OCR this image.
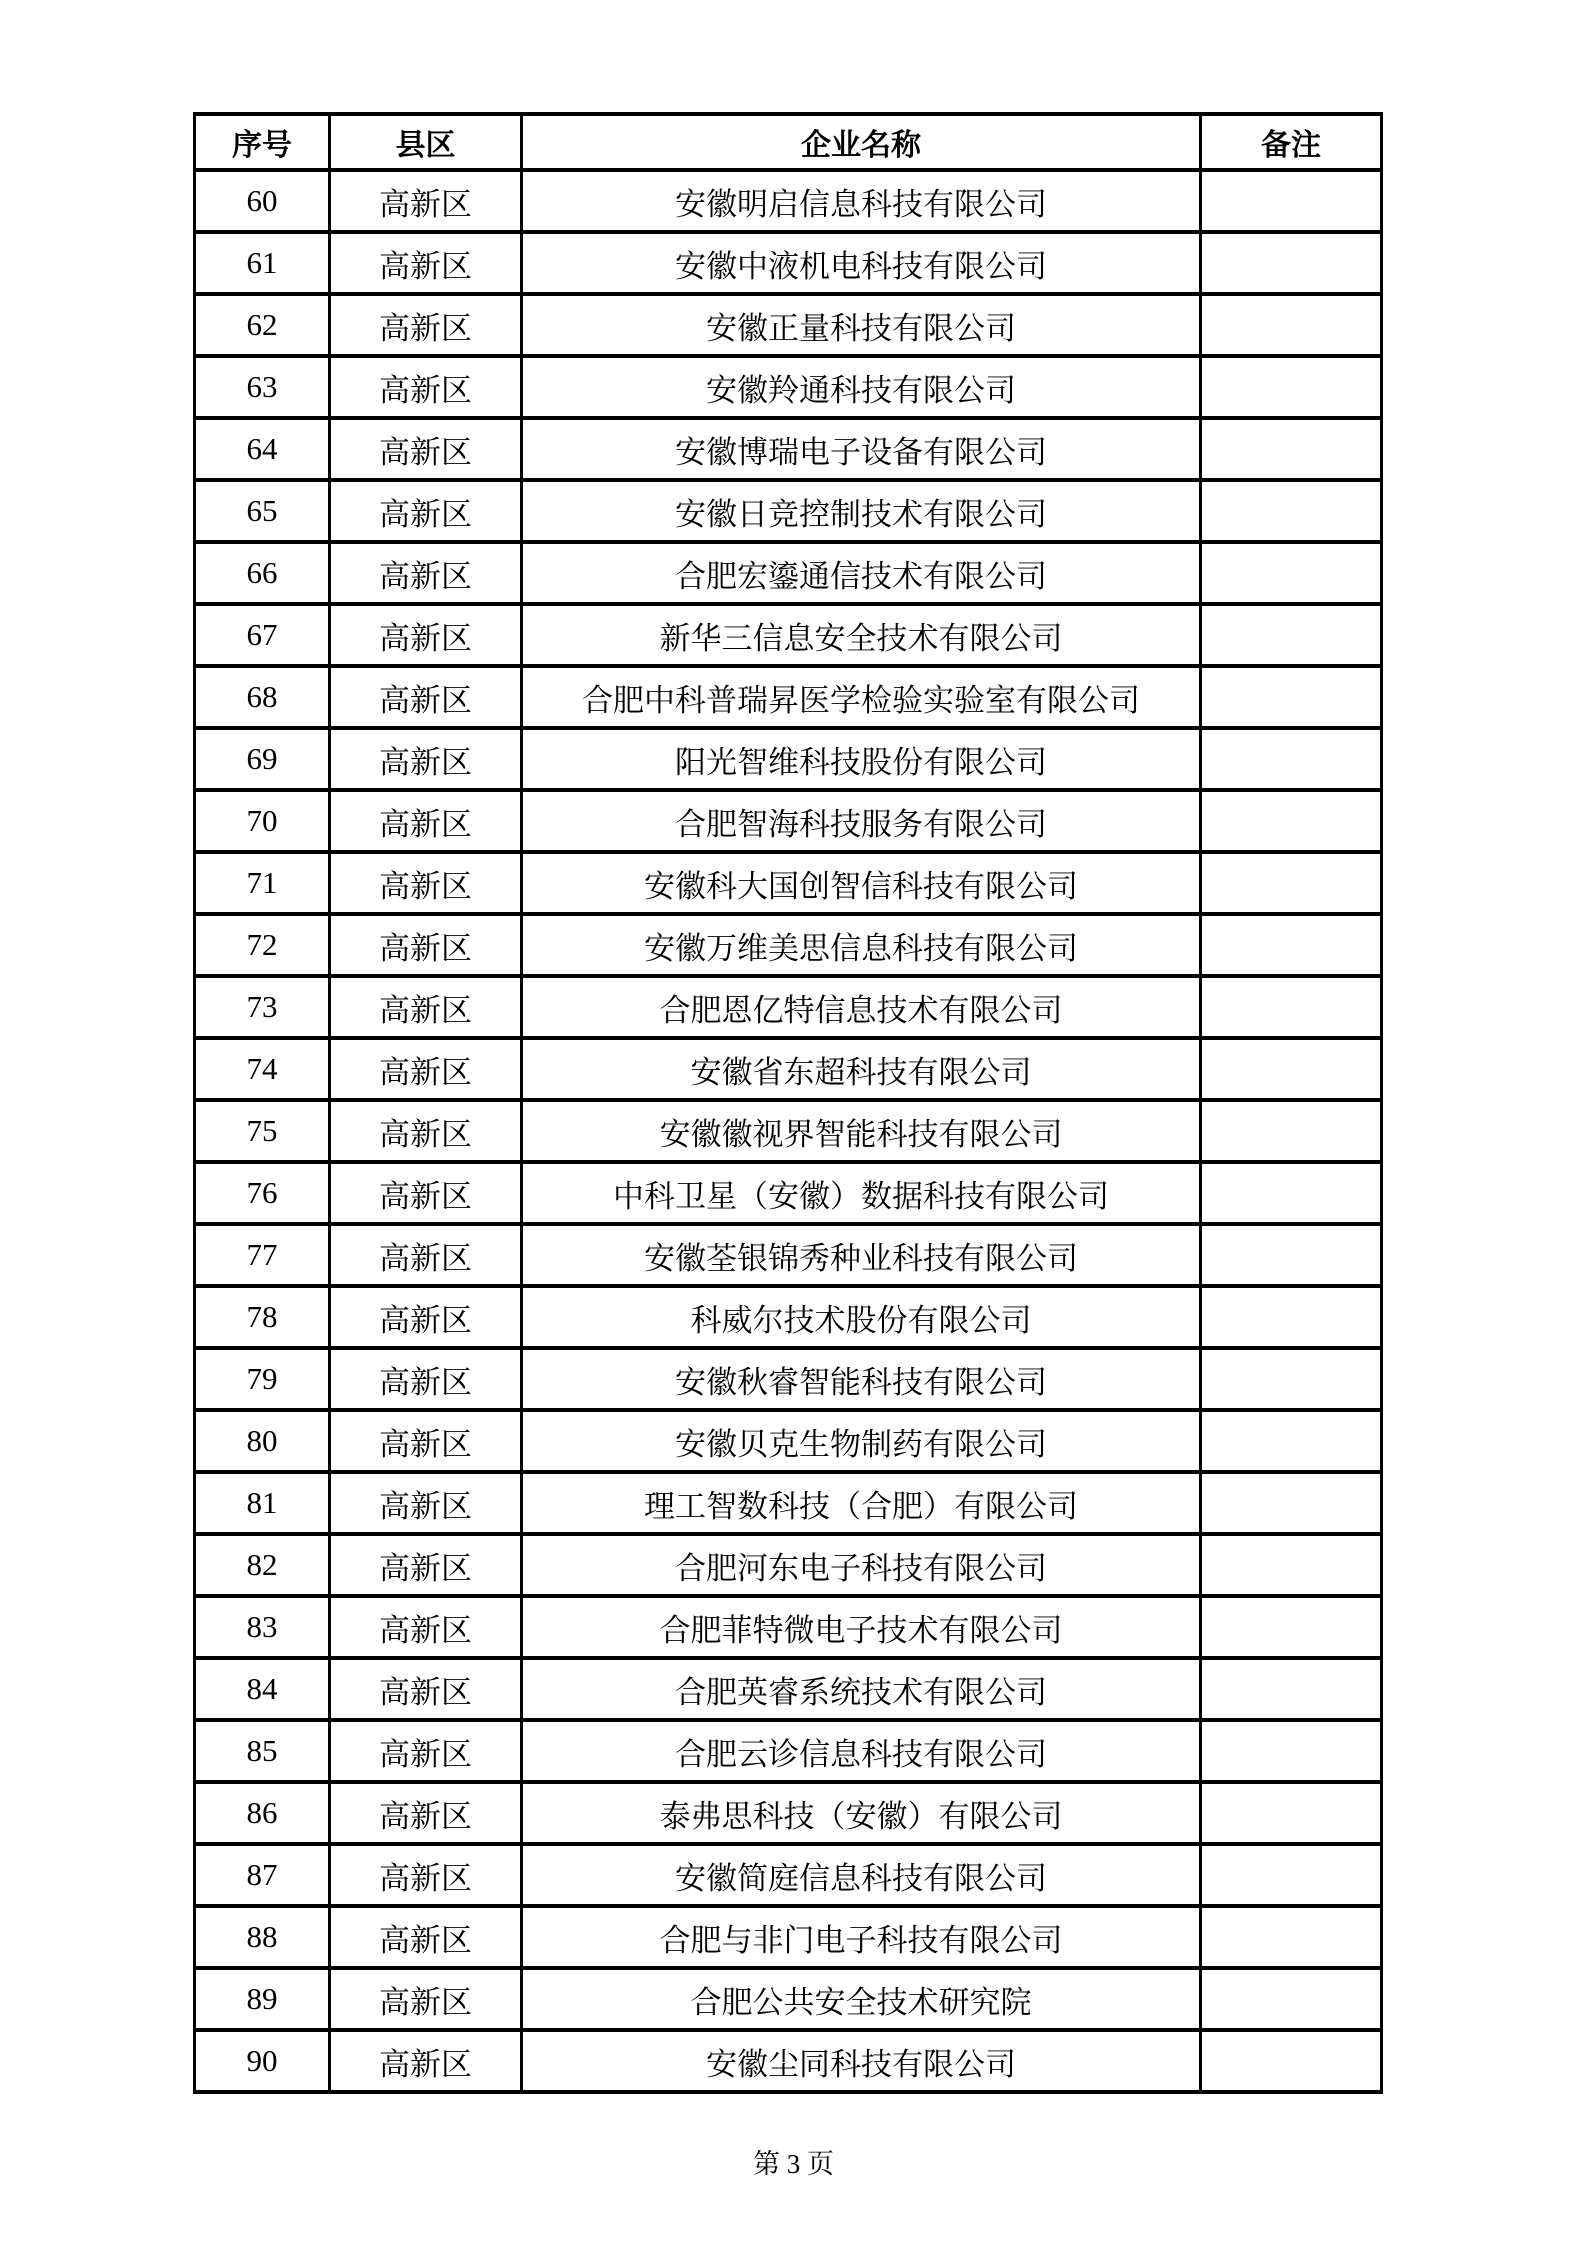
序号	县区	企业名称	备注
60	高新区	安徽明启信息科技有限公司	
61	高新区	安徽中液机电科技有限公司	
62	高新区	安徽正量科技有限公司	
63	高新区	安徽羚通科技有限公司	
64	高新区	安徽博瑞电子设备有限公司	
65	高新区	安徽日竞控制技术有限公司	
66	高新区	合肥宏鎏通信技术有限公司	
67	高新区	新华三信息安全技术有限公司	
68	高新区	合肥中科普瑞昇医学检验实验室有限公司	
69	高新区	阳光智维科技股份有限公司	
70	高新区	合肥智海科技服务有限公司	
71	高新区	安徽科大国创智信科技有限公司	
72	高新区	安徽万维美思信息科技有限公司	
73	高新区	合肥恩亿特信息技术有限公司	
74	高新区	安徽省东超科技有限公司	
75	高新区	安徽徽视界智能科技有限公司	
76	高新区	中科卫星（安徽）数据科技有限公司	
77	高新区	安徽荃银锦秀种业科技有限公司	
78	高新区	科威尔技术股份有限公司	
79	高新区	安徽秋睿智能科技有限公司	
80	高新区	安徽贝克生物制药有限公司	
81	高新区	理工智数科技（合肥）有限公司	
82	高新区	合肥河东电子科技有限公司	
83	高新区	合肥菲特微电子技术有限公司	
84	高新区	合肥英睿系统技术有限公司	
85	高新区	合肥云诊信息科技有限公司	
86	高新区	泰弗思科技（安徽）有限公司	
87	高新区	安徽简庭信息科技有限公司	
88	高新区	合肥与非门电子科技有限公司	
89	高新区	合肥公共安全技术研究院	
90	高新区	安徽尘同科技有限公司	
第 3 页
